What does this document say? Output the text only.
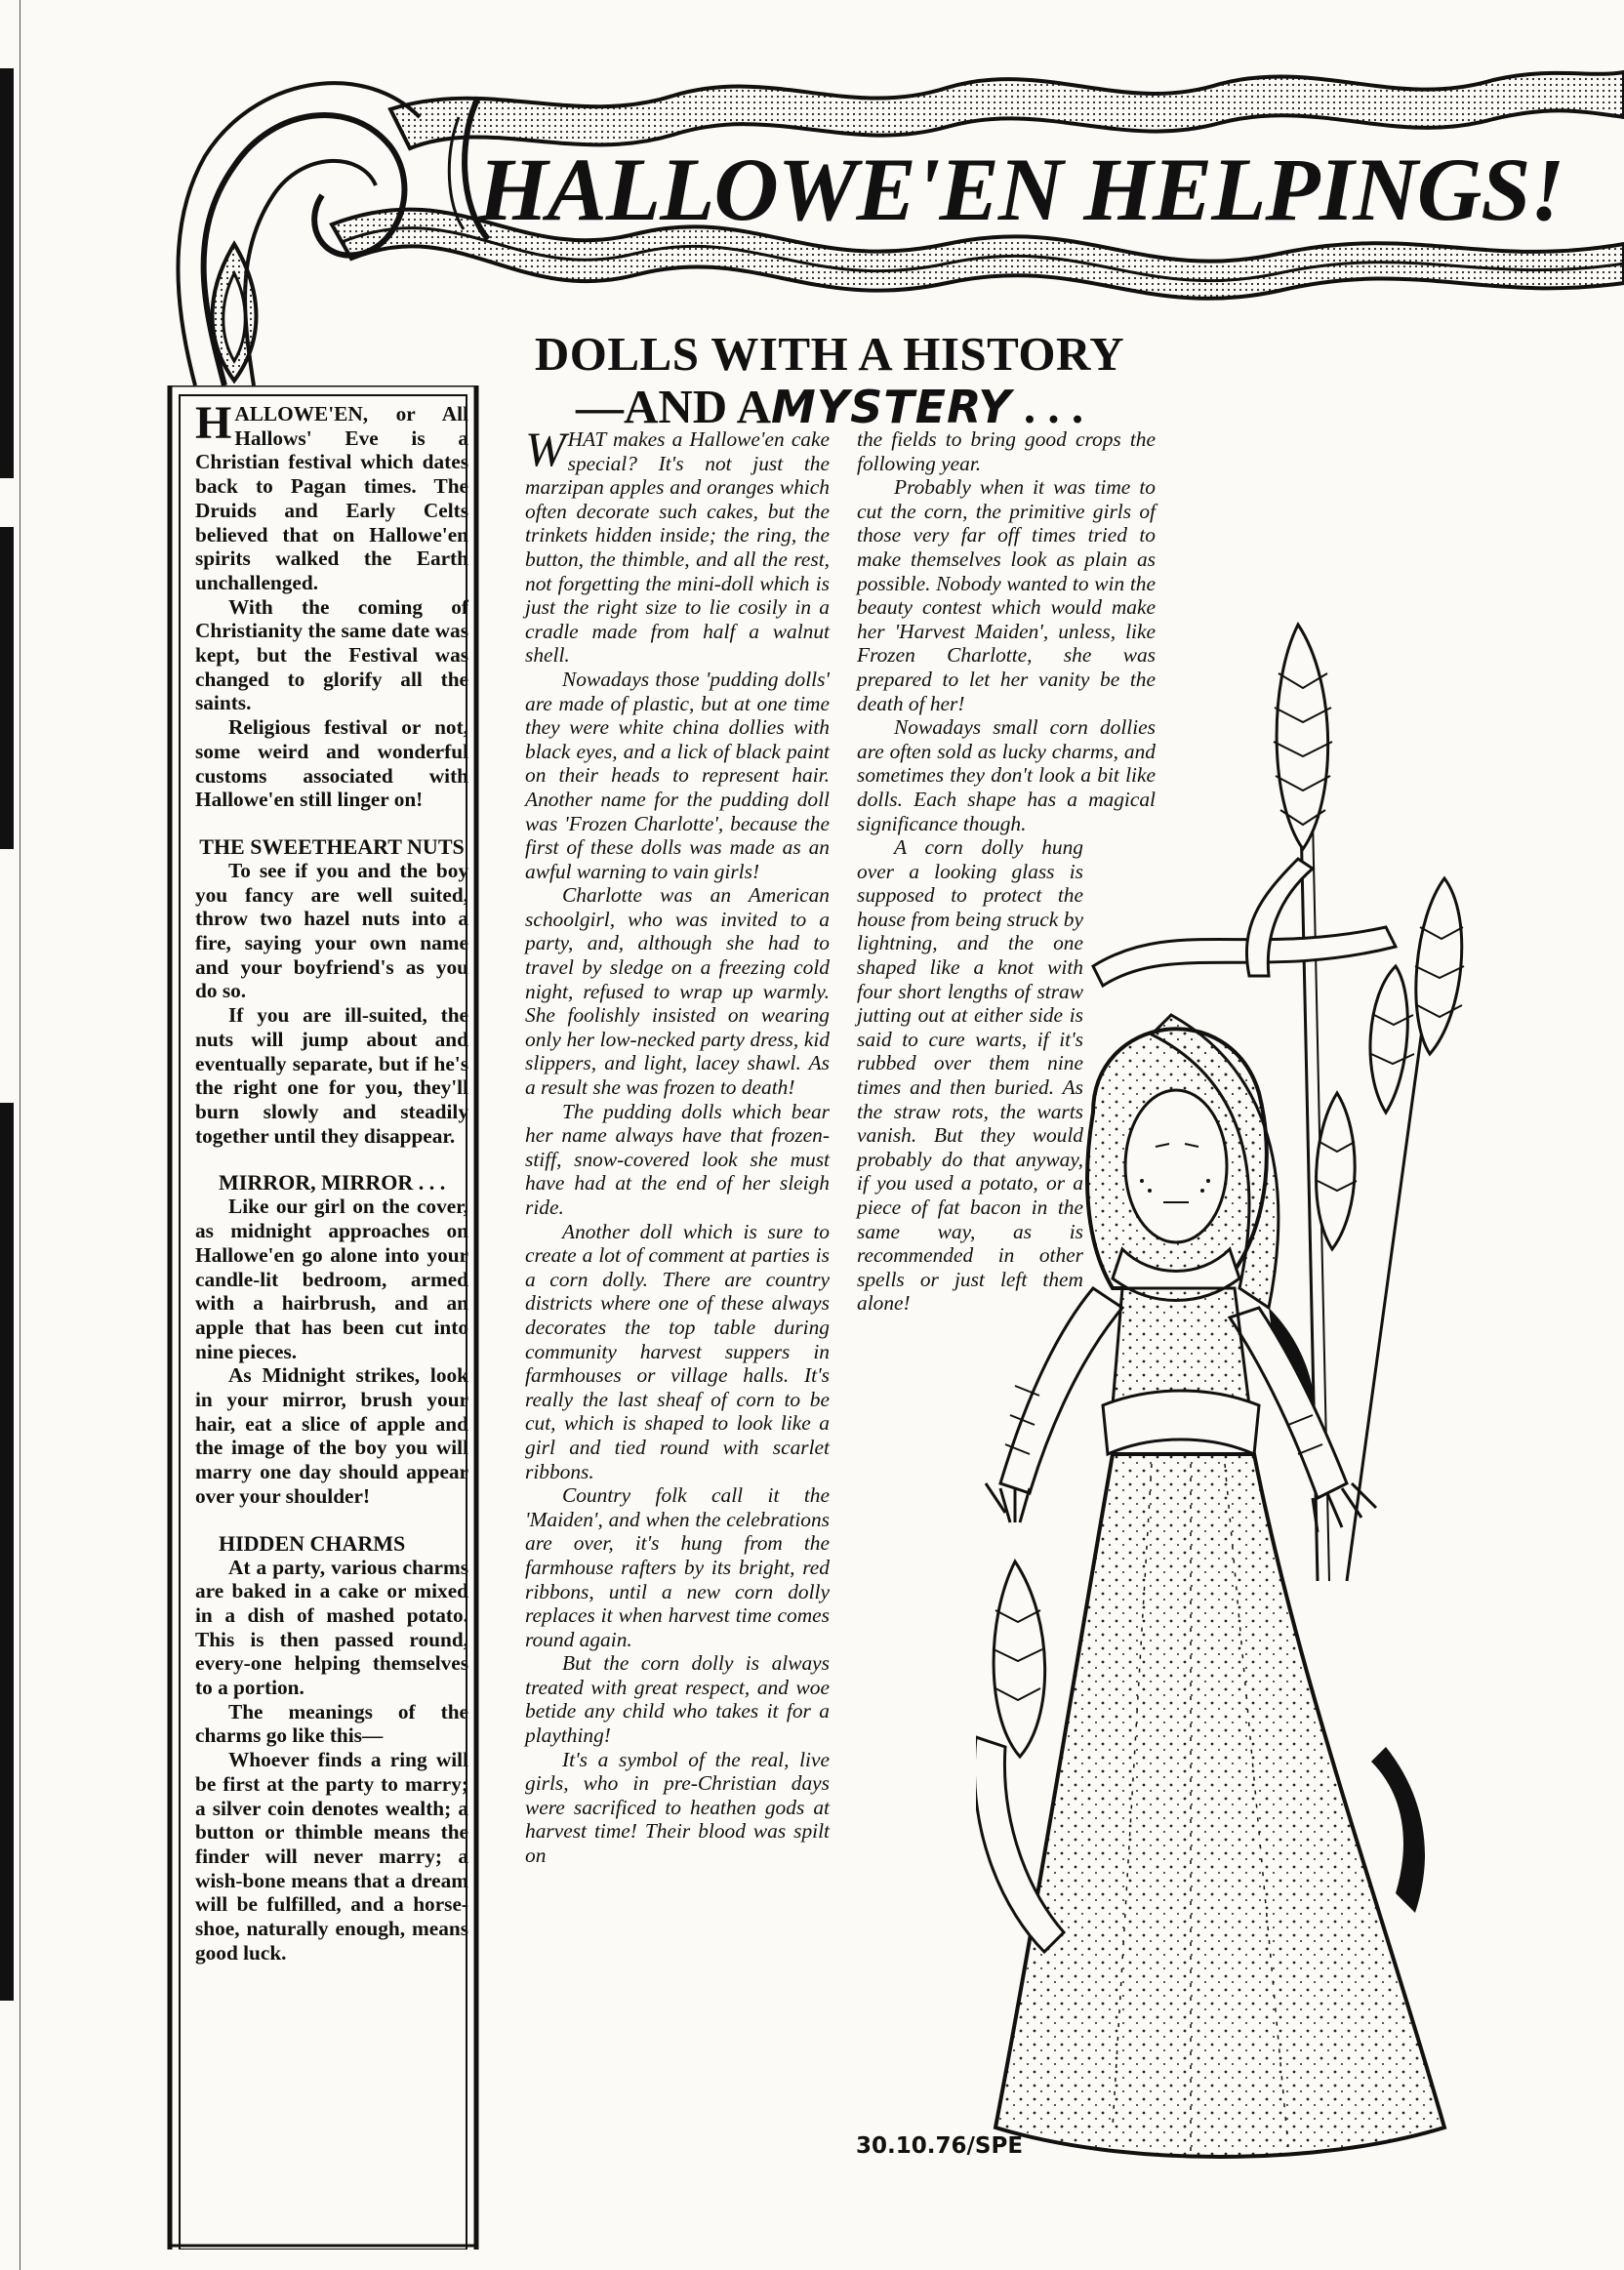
HALLOWE'EN HELPINGS!

HALLOWE'EN, or All Hallows' Eve is a Christian festival which dates back to Pagan times. The Druids and Early Celts believed that on Hallowe'en spirits walked the Earth unchallenged.

With the coming of Christianity the same date was kept, but the Festival was changed to glorify all the saints.

Religious festival or not, some weird and wonderful customs associated with Hallowe'en still linger on!

THE SWEETHEART NUTS

To see if you and the boy you fancy are well suited, throw two hazel nuts into a fire, saying your own name and your boyfriend's as you do so.

If you are ill-suited, the nuts will jump about and eventually separate, but if he's the right one for you, they'll burn slowly and steadily together until they disappear.

MIRROR, MIRROR . . .

Like our girl on the cover, as midnight approaches on Hallowe'en go alone into your candle-lit bedroom, armed with a hairbrush, and an apple that has been cut into nine pieces.

As Midnight strikes, look in your mirror, brush your hair, eat a slice of apple and the image of the boy you will marry one day should appear over your shoulder!

HIDDEN CHARMS

At a party, various charms are baked in a cake or mixed in a dish of mashed potato. This is then passed round, every-one helping themselves to a portion.

The meanings of the charms go like this—

Whoever finds a ring will be first at the party to marry; a silver coin denotes wealth; a button or thimble means the finder will never marry; a wish-bone means that a dream will be fulfilled, and a horse-shoe, naturally enough, means good luck.

DOLLS WITH A HISTORY
—AND AMYSTERY . . .

WHAT makes a Hallowe'en cake special? It's not just the marzipan apples and oranges which often decorate such cakes, but the trinkets hidden inside; the ring, the button, the thimble, and all the rest, not forgetting the mini-doll which is just the right size to lie cosily in a cradle made from half a walnut shell.

Nowadays those 'pudding dolls' are made of plastic, but at one time they were white china dollies with black eyes, and a lick of black paint on their heads to represent hair. Another name for the pudding doll was 'Frozen Charlotte', because the first of these dolls was made as an awful warning to vain girls!

Charlotte was an American schoolgirl, who was invited to a party, and, although she had to travel by sledge on a freezing cold night, refused to wrap up warmly. She foolishly insisted on wearing only her low-necked party dress, kid slippers, and light, lacey shawl. As a result she was frozen to death!

The pudding dolls which bear her name always have that frozen-stiff, snow-covered look she must have had at the end of her sleigh ride.

Another doll which is sure to create a lot of comment at parties is a corn dolly. There are country districts where one of these always decorates the top table during community harvest suppers in farmhouses or village halls. It's really the last sheaf of corn to be cut, which is shaped to look like a girl and tied round with scarlet ribbons.

Country folk call it the 'Maiden', and when the celebrations are over, it's hung from the farmhouse rafters by its bright, red ribbons, until a new corn dolly replaces it when harvest time comes round again.

But the corn dolly is always treated with great respect, and woe betide any child who takes it for a plaything!

It's a symbol of the real, live girls, who in pre-Christian days were sacrificed to heathen gods at harvest time! Their blood was spilt on

the fields to bring good crops the following year.

Probably when it was time to cut the corn, the primitive girls of those very far off times tried to make themselves look as plain as possible. Nobody wanted to win the beauty contest which would make her 'Harvest Maiden', unless, like Frozen Charlotte, she was prepared to let her vanity be the death of her!

Nowadays small corn dollies are often sold as lucky charms, and sometimes they don't look a bit like dolls. Each shape has a magical significance though.

A corn dolly hung over a looking glass is supposed to protect the house from being struck by lightning, and the one shaped like a knot with four short lengths of straw jutting out at either side is said to cure warts, if it's rubbed over them nine times and then buried. As the straw rots, the warts vanish. But they would probably do that anyway, if you used a potato, or a piece of fat bacon in the same way, as is recommended in other spells or just left them alone!

30.10.76/SPE
